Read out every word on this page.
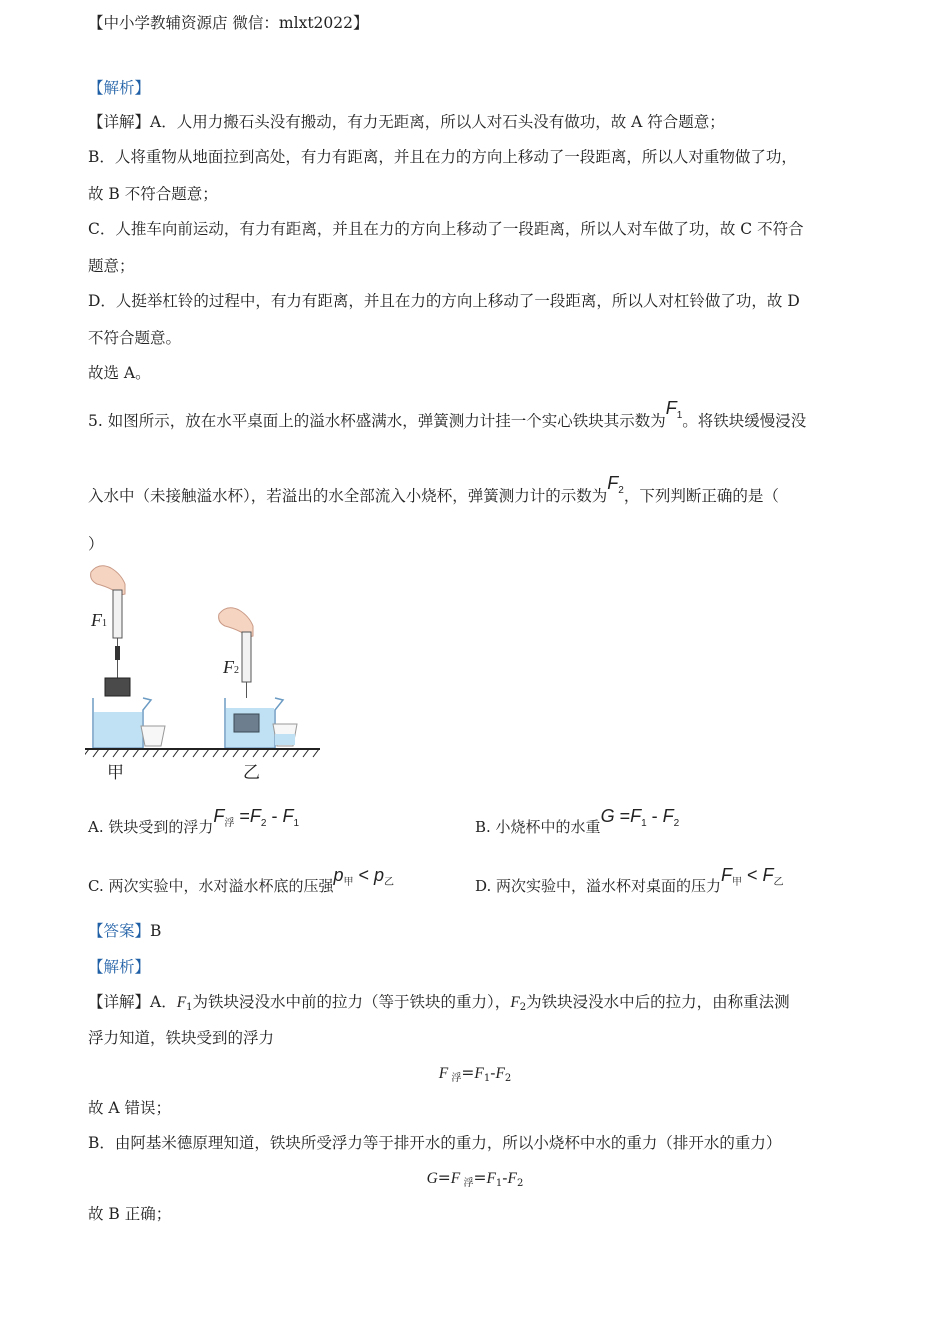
【中小学教辅资源店 微信：mlxt2022】
【解析】
【详解】A．人用力搬石头没有搬动，有力无距离，所以人对石头没有做功，故 A 符合题意；
B．人将重物从地面拉到高处，有力有距离，并且在力的方向上移动了一段距离，所以人对重物做了功，
故 B 不符合题意；
C．人推车向前运动，有力有距离，并且在力的方向上移动了一段距离，所以人对车做了功，故 C 不符合
题意；
D．人挺举杠铃的过程中，有力有距离，并且在力的方向上移动了一段距离，所以人对杠铃做了功，故 D
不符合题意。
故选 A。
5. 如图所示，放在水平桌面上的溢水杯盛满水，弹簧测力计挂一个实心铁块其示数为$F_1$。将铁块缓慢浸没
入水中（未接触溢水杯），若溢出的水全部流入小烧杯，弹簧测力计的示数为$F_2$，下列判断正确的是（
）
F1
F2
甲	乙
A. 铁块受到的浮力$F_浮 =F_2 - F_1$	B. 小烧杯中的水重$G =F_1 - F_2$
C. 两次实验中，水对溢水杯底的压强$p_甲 < p_乙$	D. 两次实验中，溢水杯对桌面的压力$F_甲 < F_乙$
【答案】B
【解析】
【详解】A．$F_1$为铁块浸没水中前的拉力（等于铁块的重力），$F_2$为铁块浸没水中后的拉力，由称重法测
浮力知道，铁块受到的浮力
F $_浮=F_1-F_2$
故 A 错误；
B．由阿基米德原理知道，铁块所受浮力等于排开水的重力，所以小烧杯中水的重力（排开水的重力）
G=F $_浮=F_1-F_2$
故 B 正确；
